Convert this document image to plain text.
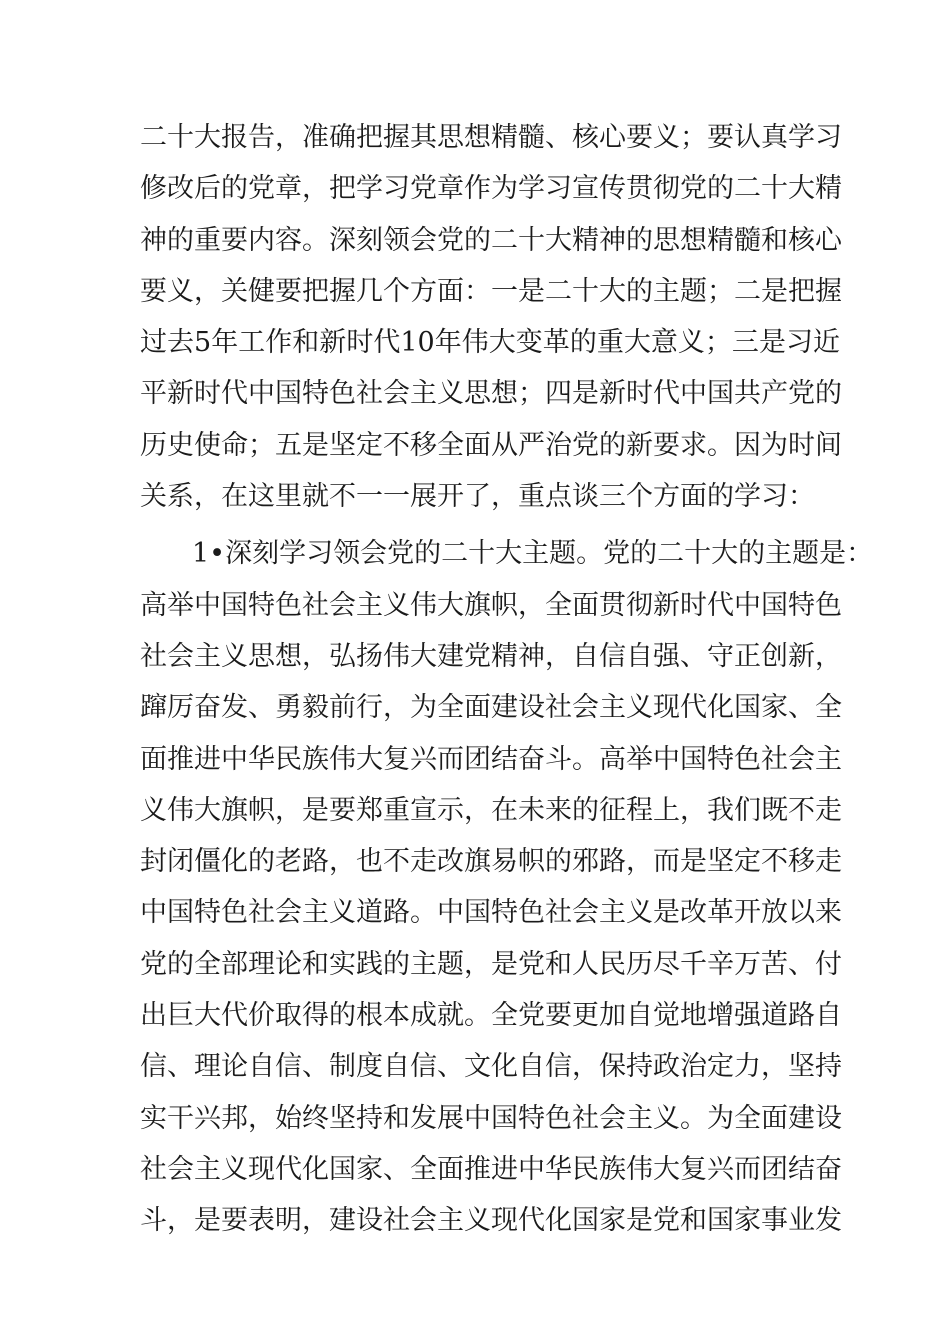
二十大报告，准确把握其思想精髓、核心要义；要认真学习
修改后的党章，把学习党章作为学习宣传贯彻党的二十大精
神的重要内容。深刻领会党的二十大精神的思想精髓和核心
要义，关健要把握几个方面：一是二十大的主题；二是把握
过去5年工作和新时代10年伟大变革的重大意义；三是习近
平新时代中国特色社会主义思想；四是新时代中国共产党的
历史使命；五是坚定不移全面从严治党的新要求。因为时间
关系，在这里就不一一展开了，重点谈三个方面的学习：
1•深刻学习领会党的二十大主题。党的二十大的主题是：
高举中国特色社会主义伟大旗帜，全面贯彻新时代中国特色
社会主义思想，弘扬伟大建党精神，自信自强、守正创新，
蹿厉奋发、勇毅前行，为全面建设社会主义现代化国家、全
面推进中华民族伟大复兴而团结奋斗。高举中国特色社会主
义伟大旗帜，是要郑重宣示，在未来的征程上，我们既不走
封闭僵化的老路，也不走改旗易帜的邪路，而是坚定不移走
中国特色社会主义道路。中国特色社会主义是改革开放以来
党的全部理论和实践的主题，是党和人民历尽千辛万苦、付
出巨大代价取得的根本成就。全党要更加自觉地增强道路自
信、理论自信、制度自信、文化自信，保持政治定力，坚持
实干兴邦，始终坚持和发展中国特色社会主义。为全面建设
社会主义现代化国家、全面推进中华民族伟大复兴而团结奋
斗，是要表明，建设社会主义现代化国家是党和国家事业发
